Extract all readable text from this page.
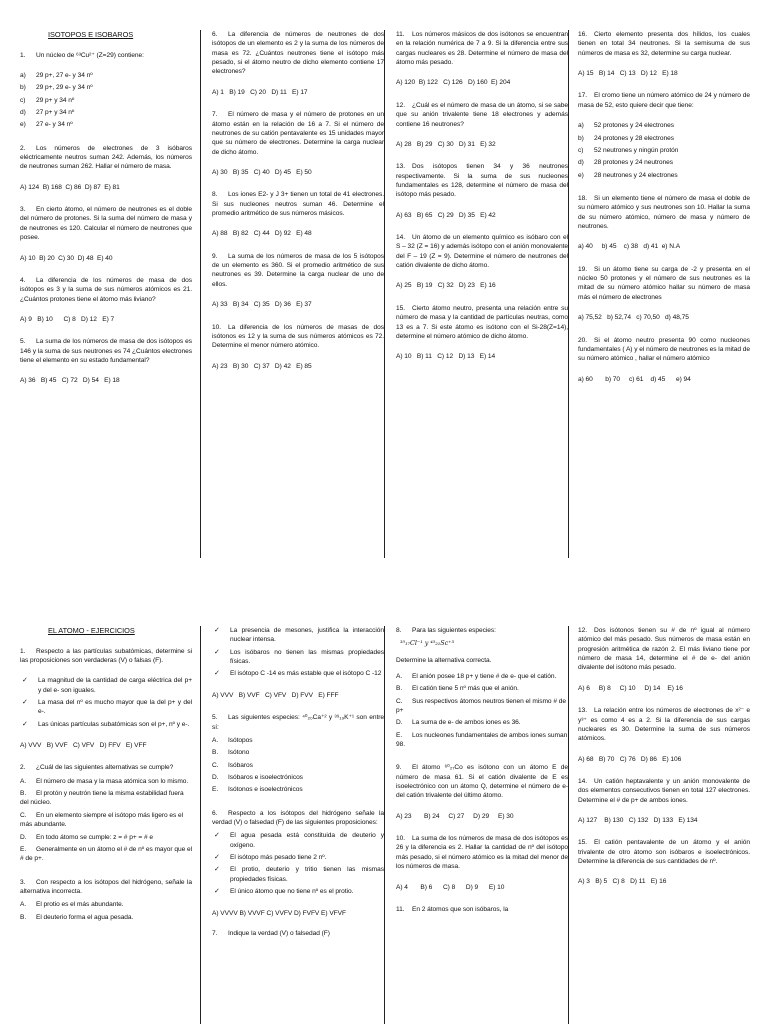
ISOTOPOS E ISOBAROS
1. Un núcleo de ⁶³Cu²⁺ (Z=29) contiene:
a) 29 p+, 27 e- y 34 nº
b) 29 p+, 29 e- y 34 nº
c) 29 p+ y 34 nº
d) 27 p+ y 34 nº
e) 27 e- y 34 nº
2. Los números de electrones de 3 isóbaros eléctricamente neutros suman 242. Además, los números de neutrones suman 262. Hallar el número de masa.
A) 124  B) 168  C) 86  D) 87  E) 81
3. En cierto átomo, el número de neutrones es el doble del número de protones. Si la suma del número de masa y de neutrones es 120. Calcular el número de neutrones que posee.
A) 10  B) 20  C) 30  D) 48  E) 40
4. La diferencia de los números de masa de dos isótopos es 3 y la suma de sus números atómicos es 21. ¿Cuántos protones tiene el átomo más liviano?
A) 9   B) 10      C) 8   D) 12   E) 7
5. La suma de los números de masa de dos isótopos es 146 y la suma de sus neutrones es 74 ¿Cuántos electrones tiene el elemento en su estado fundamental?
A) 36   B) 45   C) 72   D) 54   E) 18
6. La diferencia de números de neutrones de dos isótopos de un elemento es 2 y la suma de los números de masa es 72. ¿Cuántos neutrones tiene el isótopo más pesado, si el átomo neutro de dicho elemento contiene 17 electrones?
A) 1   B) 19   C) 20   D) 11   E) 17
7. El número de masa y el número de protones en un átomo están en la relación de 16 a 7. Si el número de neutrones de su catión pentavalente es 15 unidades mayor que su número de electrones. Determine la carga nuclear de dicho átomo.
A) 30   B) 35   C) 40   D) 45   E) 50
8. Los iones E2- y J 3+ tienen un total de 41 electrones. Si sus nucleones neutros suman 46. Determine el promedio aritmético de sus números másicos.
A) 88   B) 82   C) 44   D) 92   E) 48
9. La suma de los números de masa de los 5 isótopos de un elemento es 360. Si el promedio aritmético de sus neutrones es 39. Determine la carga nuclear de uno de ellos.
A) 33   B) 34   C) 35   D) 36   E) 37
10. La diferencia de los números de masas de dos isótonos es 12 y la suma de sus números atómicos es 72. Determine el menor número atómico.
A) 23   B) 30   C) 37   D) 42   E) 85
11. Los números másicos de dos isótonos se encuentran en la relación numérica de 7 a 9. Si la diferencia entre sus cargas nucleares es 28. Determine el número de masa del átomo más pesado.
A) 120  B) 122   C) 126   D) 160  E) 204
12. ¿Cuál es el número de masa de un átomo, si se sabe que su anión trivalente tiene 18 electrones y además contiene 16 neutrones?
A) 28   B) 29   C) 30   D) 31   E) 32
13. Dos isótopos tienen 34 y 36 neutrones respectivamente. Si la suma de sus nucleones fundamentales es 128, determine el número de masa del isótopo más pesado.
A) 63   B) 65   C) 29   D) 35   E) 42
14. Un átomo de un elemento químico es isóbaro con el S – 32 (Z = 16) y además isótopo con el anión monovalente del F – 19 (Z = 9). Determine el número de neutrones del catión divalente de dicho átomo.
A) 25   B) 19   C) 32   D) 23   E) 16
15. Cierto átomo neutro, presenta una relación entre su número de masa y la cantidad de partículas neutras, como 13 es a 7. Si este átomo es isótono con el Si-28(Z=14), determine el número atómico de dicho átomo.
A) 10   B) 11   C) 12   D) 13   E) 14
16. Cierto elemento presenta dos hílidos, los cuales tienen en total 34 neutrones. Si la semisuma de sus números de masa es 32, determine su carga nuclear.
A) 15   B) 14   C) 13   D) 12   E) 18
17. El cromo tiene un número atómico de 24 y número de masa de 52, esto quiere decir que tiene:
a) 52 protones y 24 electrones
b) 24 protones y 28 electrones
c) 52 neutrones y ningún protón
d) 28 protones y 24 neutrones
e) 28 neutrones y 24 electrones
18. Si un elemento tiene el número de masa el doble de su número atómico y sus neutrones son 10. Hallar la suma de su número atómico, número de masa y número de neutrones.
a) 40     b) 45    c) 38   d) 41  e) N.A
19. Si un átomo tiene su carga de -2 y presenta en el núcleo 50 protones y el número de sus neutrones es la mitad de su número atómico hallar su número de masa más el número de electrones
a) 75,52   b) 52,74   c) 70,50   d) 48,75
20. Si el átomo neutro presenta 90 como nucleones fundamentales ( A) y el número de neutrones es la mitad de su número atómico , hallar el número atómico
a) 60       b) 70     c) 61    d) 45      e) 94
EL ATOMO - EJERCICIOS
1. Respecto a las partículas subatómicas, determine si las proposiciones son verdaderas (V) o falsas (F).
✓ La magnitud de la cantidad de carga eléctrica del p+ y del e- son iguales.
✓ La masa del nº es mucho mayor que la del p+ y del e-.
✓ Las únicas partículas subatómicas son el p+, nº y e-.
A) VVV   B) VVF   C) VFV   D) FFV   E) VFF
2. ¿Cuál de las siguientes alternativas se cumple?
A. El número de masa y la masa atómica son lo mismo.
B. El protón y neutrón tiene la misma estabilidad fuera del núcleo.
C. En un elemento siempre el isótopo más ligero es el más abundante.
D. En todo átomo se cumple: z = # p+ = # e
E. Generalmente en un átomo el # de nº es mayor que el # de p+.
3. Con respecto a los isótopos del hidrógeno, señale la alternativa incorrecta.
A. El protio es el más abundante.
B. El deuterio forma el agua pesada.
✓ La presencia de mesones, justifica la interacción nuclear intensa.
✓ Los isóbaros no tienen las mismas propiedades físicas.
✓ El isótopo C -14 es más estable que el isótopo C -12
A) VVV   B) VVF   C) VFV   D) FVV   E) FFF
5. Las siguientes especies: ⁴⁰₂₀Ca⁺² y ³⁹₁₉K⁺¹ son entre sí:
A. Isótopos
B. Isótono
C. Isóbaros
D. Isóbaros e isoelectrónicos
E. Isótonos e isoelectrónicos
6. Respecto a los isótopos del hidrógeno señale la verdad (V) o falsedad (F) de las siguientes proposiciones:
✓ El agua pesada está constituida de deuterio y oxígeno.
✓ El isótopo más pesado tiene 2 nº.
✓ El protio, deuterio y tritio tienen las mismas propiedades físicas.
✓ El único átomo que no tiene nº es el protio.
A) VVVV B) VVVF C) VVFV D) FVFV E) VFVF
7. Indique la verdad (V) o falsedad (F)
8. Para las siguientes especies:
³⁵₁₇Cl⁻¹ y ⁴⁵₂₁Sc⁺³
Determine la alternativa correcta.
A. El anión posee 18 p+ y tiene # de e- que el catión.
B. El catión tiene 5 nº más que el anión.
C. Sus respectivos átomos neutros tienen el mismo # de p+
D. La suma de e- de ambos iones es 36.
E. Los nucleones fundamentales de ambos iones suman 98.
9. El átomo ⁶⁰₂₇Co es isótono con un átomo E de número de masa 61. Si el catión divalente de E es isoelectrónico con un átomo Q, determine el número de e- del catión trivalente del último átomo.
A) 23       B) 24     C) 27     D) 29     E) 30
10. La suma de los números de masa de dos isótopos es 26 y la diferencia es 2. Hallar la cantidad de nº del isótopo más pesado, si el número atómico es la mitad del menor de los números de masa.
A) 4       B) 6      C) 8      D) 9      E) 10
11. En 2 átomos que son isóbaros, la
12. Dos isótonos tienen su # de nº igual al número atómico del más pesado. Sus números de masa están en progresión aritmética de razón 2. El más liviano tiene por número de masa 14, determine el # de e- del anión divalente del isótono más pesado.
A) 6     B) 8     C) 10     D) 14    E) 16
13. La relación entre los números de electrones de x²⁻ e y³⁺ es como 4 es a 2. Si la diferencia de sus cargas nucleares es 30. Determine la suma de sus números atómicos.
A) 68   B) 70   C) 76   D) 86   E) 106
14. Un catión heptavalente y un anión monovalente de dos elementos consecutivos tienen en total 127 electrones. Determine el # de p+ de ambos iones.
A) 127    B) 130   C) 132   D) 133   E) 134
15. El catión pentavalente de un átomo y el anión trivalente de otro átomo son isóbaros e isoelectrónicos. Determine la diferencia de sus cantidades de nº.
A) 3   B) 5   C) 8   D) 11   E) 16
